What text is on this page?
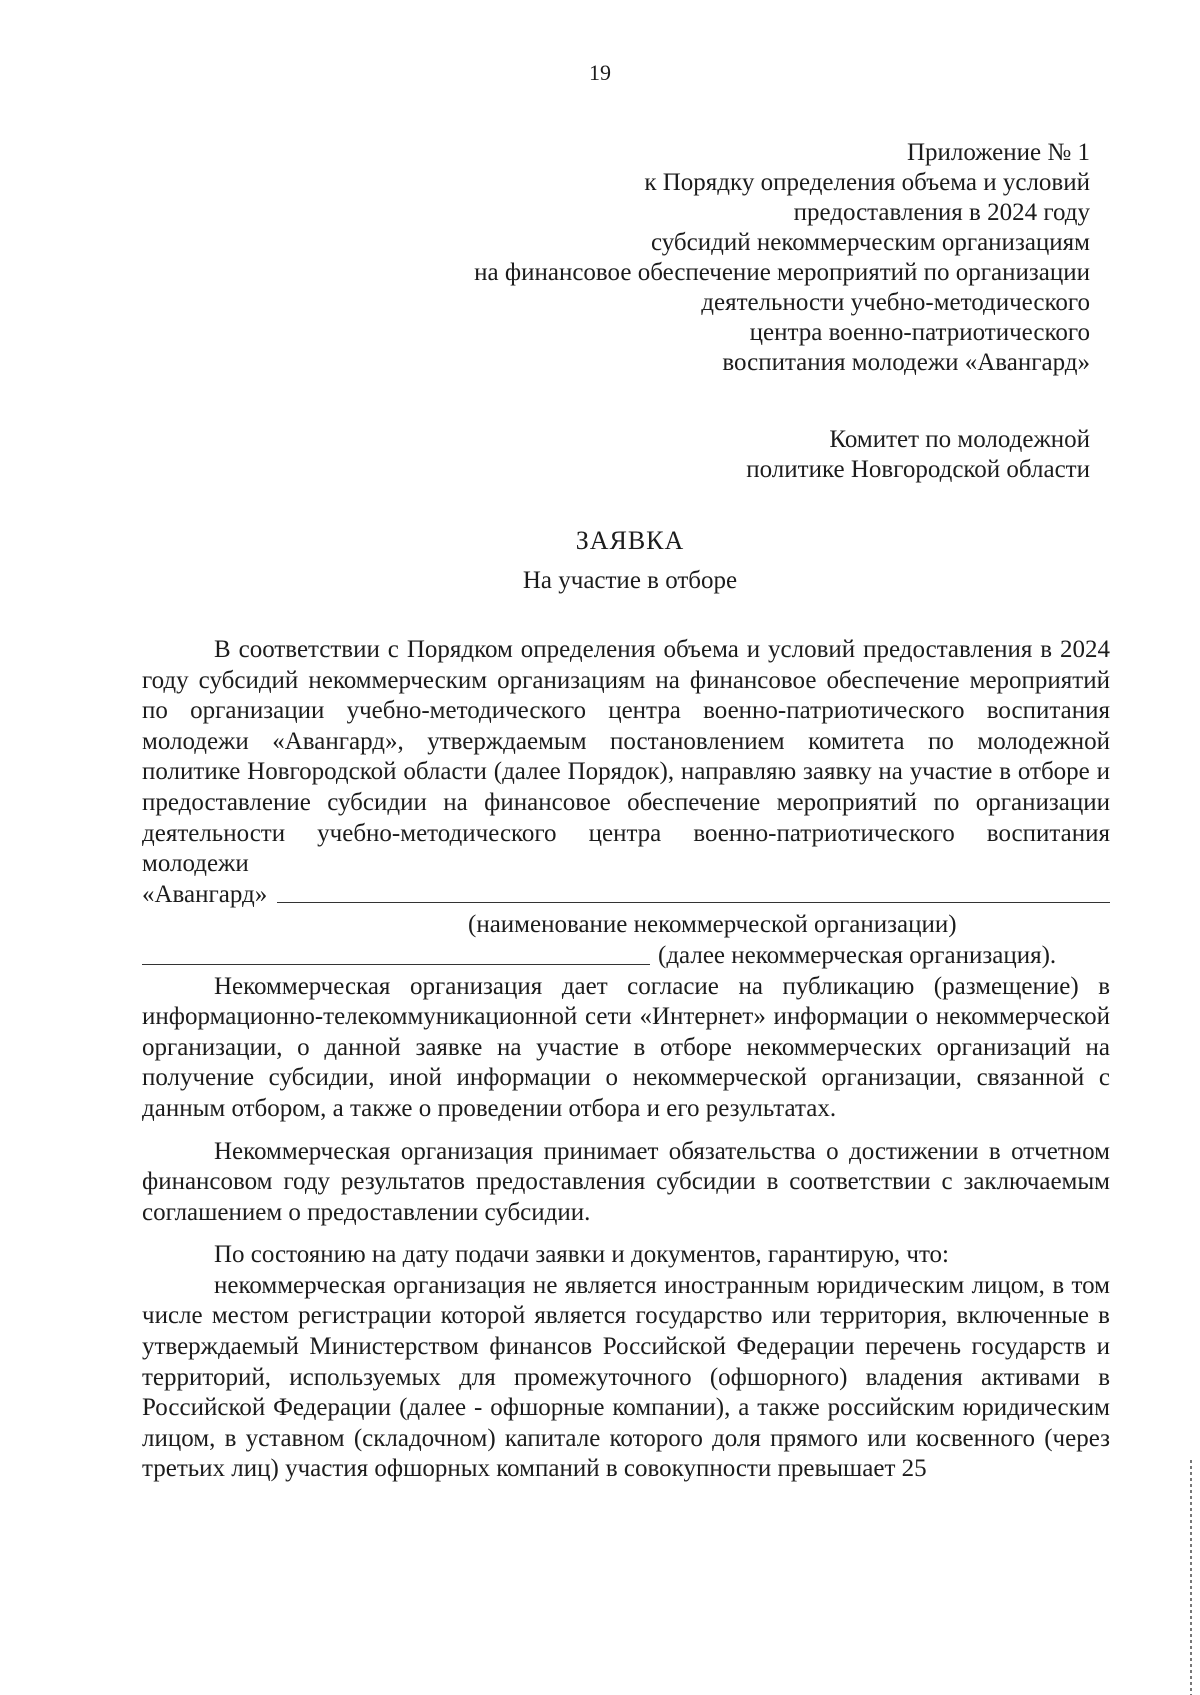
19
Приложение № 1
к Порядку определения объема и условий
предоставления в 2024 году
субсидий некоммерческим организациям
на финансовое обеспечение мероприятий по организации
деятельности учебно-методического
центра военно-патриотического
воспитания молодежи «Авангард»
Комитет по молодежной
политике Новгородской области
ЗАЯВКА
На участие в отборе

В соответствии с Порядком определения объема и условий предоставления в 2024 году субсидий некоммерческим организациям на финансовое обеспечение мероприятий по организации учебно-методического центра военно-патриотического воспитания молодежи «Авангард», утверждаемым постановлением комитета по молодежной политике Новгородской области (далее Порядок), направляю заявку на участие в отборе и предоставление субсидии на финансовое обеспечение мероприятий по организации деятельности учебно-методического центра военно-патриотического воспитания молодежи

«Авангард»
(наименование некоммерческой организации)
(далее некоммерческая организация).

Некоммерческая организация дает согласие на публикацию (размещение) в информационно-телекоммуникационной сети «Интернет» информации о некоммерческой организации, о данной заявке на участие в отборе некоммерческих организаций на получение субсидии, иной информации о некоммерческой организации, связанной с данным отбором, а также о проведении отбора и его результатах.

Некоммерческая организация принимает обязательства о достижении в отчетном финансовом году результатов предоставления субсидии в соответствии с заключаемым соглашением о предоставлении субсидии.

По состоянию на дату подачи заявки и документов, гарантирую, что:

некоммерческая организация не является иностранным юридическим лицом, в том числе местом регистрации которой является государство или территория, включенные в утверждаемый Министерством финансов Российской Федерации перечень государств и территорий, используемых для промежуточного (офшорного) владения активами в Российской Федерации (далее - офшорные компании), а также российским юридическим лицом, в уставном (складочном) капитале которого доля прямого или косвенного (через третьих лиц) участия офшорных компаний в совокупности превышает 25
